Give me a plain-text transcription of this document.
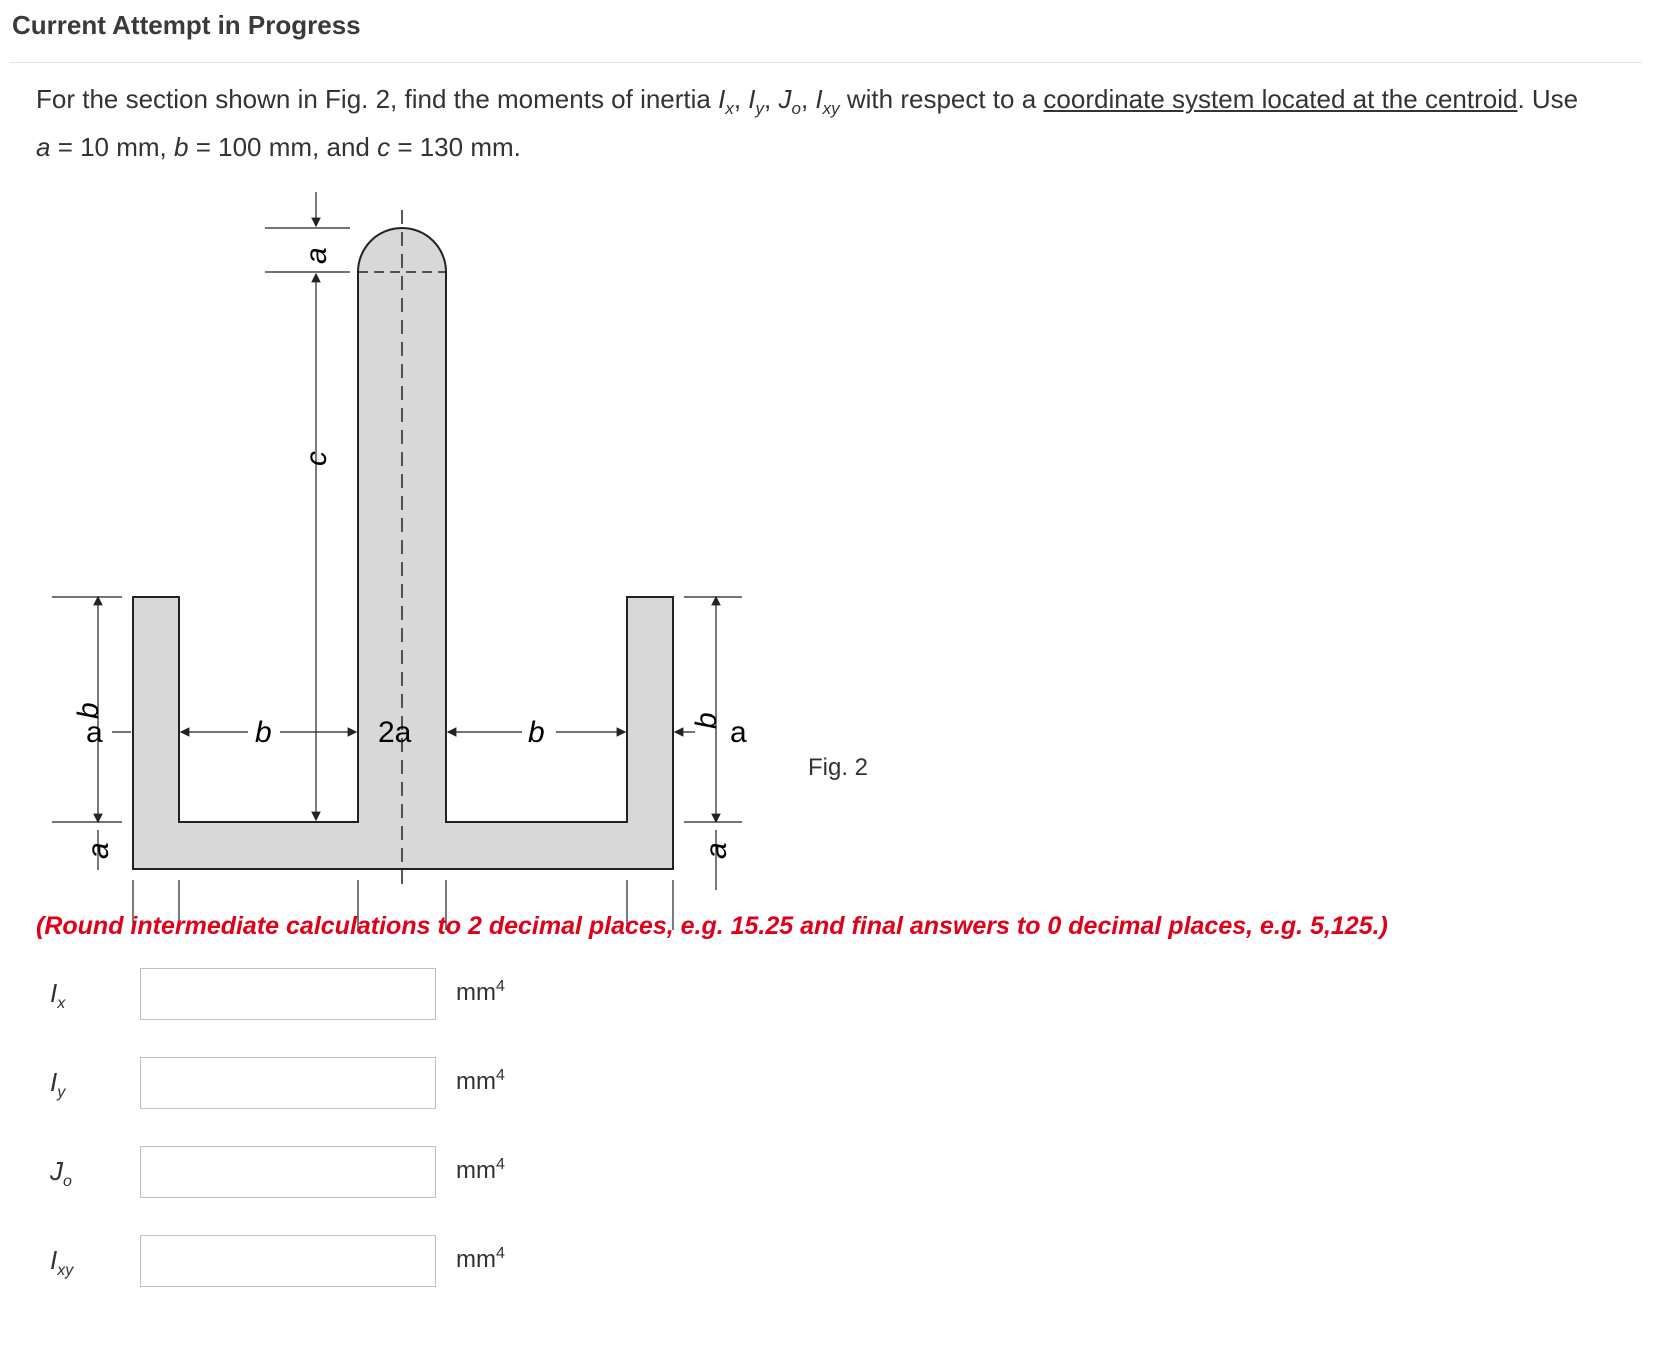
Current Attempt in Progress
For the section shown in Fig. 2, find the moments of inertia $I_x$, $I_y$, $J_o$, $I_{xy}$ with respect to a coordinate system located at the centroid. Use
a = 10 mm, b = 100 mm, and c = 130 mm.
b
a
b
a
a
c
a	b	2a	b	a
Fig. 2
(Round intermediate calculations to 2 decimal places, e.g. 15.25 and final answers to 0 decimal places, e.g. 5,125.)
$I_x$	$mm^4$
$I_y$	$mm^4$
$J_o$	$mm^4$
$I_{xy}$	$mm^4$
